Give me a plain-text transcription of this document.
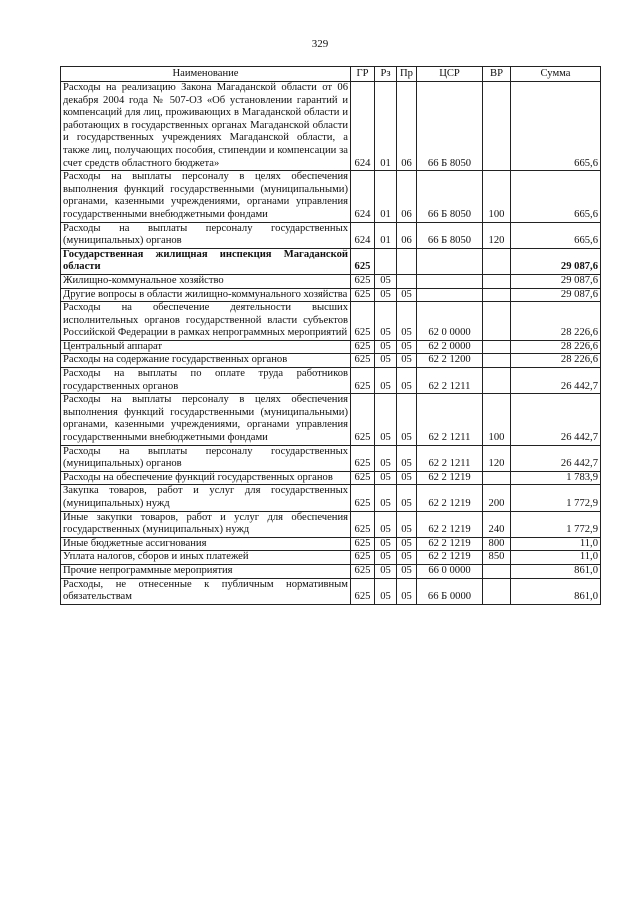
329
Наименование	ГР	Рз	Пр	ЦСР	ВР	Сумма
Расходы на реализацию Закона Магаданской области от 06 декабря 2004 года № 507-ОЗ «Об установлении гарантий и компенсаций для лиц, проживающих в Магаданской области и работающих в государственных органах Магаданской области и государственных учреждениях Магаданской области, а также лиц, получающих пособия, стипендии и компенсации за счет средств областного бюджета»	624	01	06	66 Б 8050		665,6
Расходы на выплаты персоналу в целях обеспечения выполнения функций государственными (муниципальными) органами, казенными учреждениями, органами управления государственными внебюджетными фондами	624	01	06	66 Б 8050	100	665,6
Расходы на выплаты персоналу государственных (муниципальных) органов	624	01	06	66 Б 8050	120	665,6
Государственная жилищная инспекция Магаданской области	625					29 087,6
Жилищно-коммунальное хозяйство	625	05				29 087,6
Другие вопросы в области жилищно-коммунального хозяйства	625	05	05			29 087,6
Расходы на обеспечение деятельности высших исполнительных органов государственной власти субъектов Российской Федерации в рамках непрограммных мероприятий	625	05	05	62 0 0000		28 226,6
Центральный аппарат	625	05	05	62 2 0000		28 226,6
Расходы на содержание государственных органов	625	05	05	62 2 1200		28 226,6
Расходы на выплаты по оплате труда работников государственных органов	625	05	05	62 2 1211		26 442,7
Расходы на выплаты персоналу в целях обеспечения выполнения функций государственными (муниципальными) органами, казенными учреждениями, органами управления государственными внебюджетными фондами	625	05	05	62 2 1211	100	26 442,7
Расходы на выплаты персоналу государственных (муниципальных) органов	625	05	05	62 2 1211	120	26 442,7
Расходы на обеспечение функций государственных органов	625	05	05	62 2 1219		1 783,9
Закупка товаров, работ и услуг для государственных (муниципальных) нужд	625	05	05	62 2 1219	200	1 772,9
Иные закупки товаров, работ и услуг для обеспечения государственных (муниципальных) нужд	625	05	05	62 2 1219	240	1 772,9
Иные бюджетные ассигнования	625	05	05	62 2 1219	800	11,0
Уплата налогов, сборов и иных платежей	625	05	05	62 2 1219	850	11,0
Прочие непрограммные мероприятия	625	05	05	66 0 0000		861,0
Расходы, не отнесенные к публичным нормативным обязательствам	625	05	05	66 Б 0000		861,0
